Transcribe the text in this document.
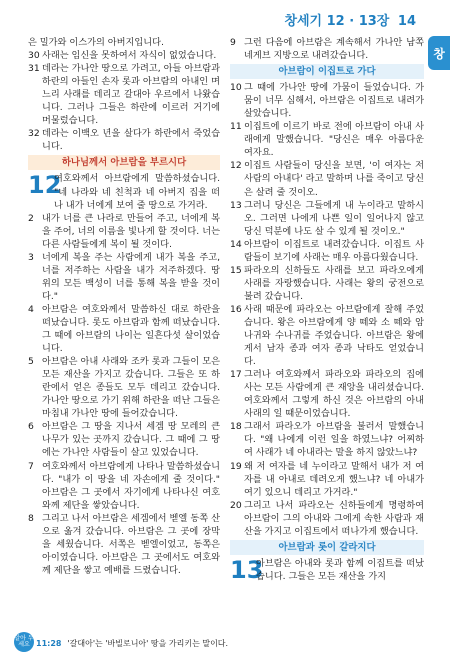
창세기 12 · 13장 14
창

은 밀가와 이스가의 아버지입니다.

30 사래는 임신을 못하여서 자식이 없었습니다.

31 데라는 가나안 땅으로 가려고, 아들 아브람과 하란의 아들인 손자 롯과 아브람의 아내인 며느리 사래를 데리고 갈대아 우르에서 나왔습니다. 그러나 그들은 하란에 이르러 거기에 머물렀습니다.

32 데라는 이백오 년을 살다가 하란에서 죽었습니다.

하나님께서 아브람을 부르시다
12
여호와께서 아브람에게 말씀하셨습니다. "네 나라와 네 친척과 네 아버지 집을 떠나 내가 너에게 보여 줄 땅으로 가거라.

2 내가 너를 큰 나라로 만들어 주고, 너에게 복을 주어, 너의 이름을 빛나게 할 것이다. 너는 다른 사람들에게 복이 될 것이다.

3 너에게 복을 주는 사람에게 내가 복을 주고, 너를 저주하는 사람을 내가 저주하겠다. 땅 위의 모든 백성이 너를 통해 복을 받을 것이다."

4 아브람은 여호와께서 말씀하신 대로 하란을 떠났습니다. 롯도 아브람과 함께 떠났습니다. 그 때에 아브람의 나이는 일흔다섯 살이었습니다.

5 아브람은 아내 사래와 조카 롯과 그들이 모은 모든 재산을 가지고 갔습니다. 그들은 또 하란에서 얻은 종들도 모두 데리고 갔습니다. 가나안 땅으로 가기 위해 하란을 떠난 그들은 마침내 가나안 땅에 들어갔습니다.

6 아브람은 그 땅을 지나서 세겜 땅 모레의 큰 나무가 있는 곳까지 갔습니다. 그 때에 그 땅에는 가나안 사람들이 살고 있었습니다.

7 여호와께서 아브람에게 나타나 말씀하셨습니다. "내가 이 땅을 네 자손에게 줄 것이다." 아브람은 그 곳에서 자기에게 나타나신 여호와께 제단을 쌓았습니다.

8 그리고 나서 아브람은 세겜에서 벧엘 동쪽 산으로 옮겨 갔습니다. 아브람은 그 곳에 장막을 세웠습니다. 서쪽은 벧엘이었고, 동쪽은 아이였습니다. 아브람은 그 곳에서도 여호와께 제단을 쌓고 예배를 드렸습니다.

9 그런 다음에 아브람은 계속해서 가나안 남쪽 네게브 지방으로 내려갔습니다.

아브람이 이집트로 가다

10 그 때에 가나안 땅에 가뭄이 들었습니다. 가뭄이 너무 심해서, 아브람은 이집트로 내려가 살았습니다.

11 이집트에 이르기 바로 전에 아브람이 아내 사래에게 말했습니다. "당신은 매우 아름다운 여자요.

12 이집트 사람들이 당신을 보면, '이 여자는 저 사람의 아내다' 라고 말하며 나를 죽이고 당신은 살려 줄 것이오.

13 그러니 당신은 그들에게 내 누이라고 말하시오. 그러면 나에게 나쁜 일이 일어나지 않고 당신 덕분에 나도 살 수 있게 될 것이오."

14 아브람이 이집트로 내려갔습니다. 이집트 사람들이 보기에 사래는 매우 아름다웠습니다.

15 파라오의 신하들도 사래를 보고 파라오에게 사래를 자랑했습니다. 사래는 왕의 궁전으로 불려 갔습니다.

16 사래 때문에 파라오는 아브람에게 잘해 주었습니다. 왕은 아브람에게 양 떼와 소 떼와 암나귀와 수나귀를 주었습니다. 아브람은 왕에게서 남자 종과 여자 종과 낙타도 얻었습니다.

17 그러나 여호와께서 파라오와 파라오의 집에 사는 모든 사람에게 큰 재앙을 내리셨습니다. 여호와께서 그렇게 하신 것은 아브람의 아내 사래의 일 때문이었습니다.

18 그래서 파라오가 아브람을 불러서 말했습니다. "왜 나에게 이런 일을 하였느냐? 어찌하여 사래가 네 아내라는 말을 하지 않았느냐?

19 왜 저 여자를 네 누이라고 말해서 내가 저 여자를 내 아내로 데려오게 했느냐? 네 아내가 여기 있으니 데리고 가거라."

20 그리고 나서 파라오는 신하들에게 명령하여 아브람이 그의 아내와 그에게 속한 사람과 재산을 가지고 이집트에서 떠나가게 했습니다.

아브람과 롯이 갈라지다
13
아브람은 아내와 롯과 함께 이집트를 떠났습니다. 그들은 모든 재산을 가지
알아 두세요 11:28 '갈대아'는 '바빌로니아' 땅을 가리키는 말이다.
